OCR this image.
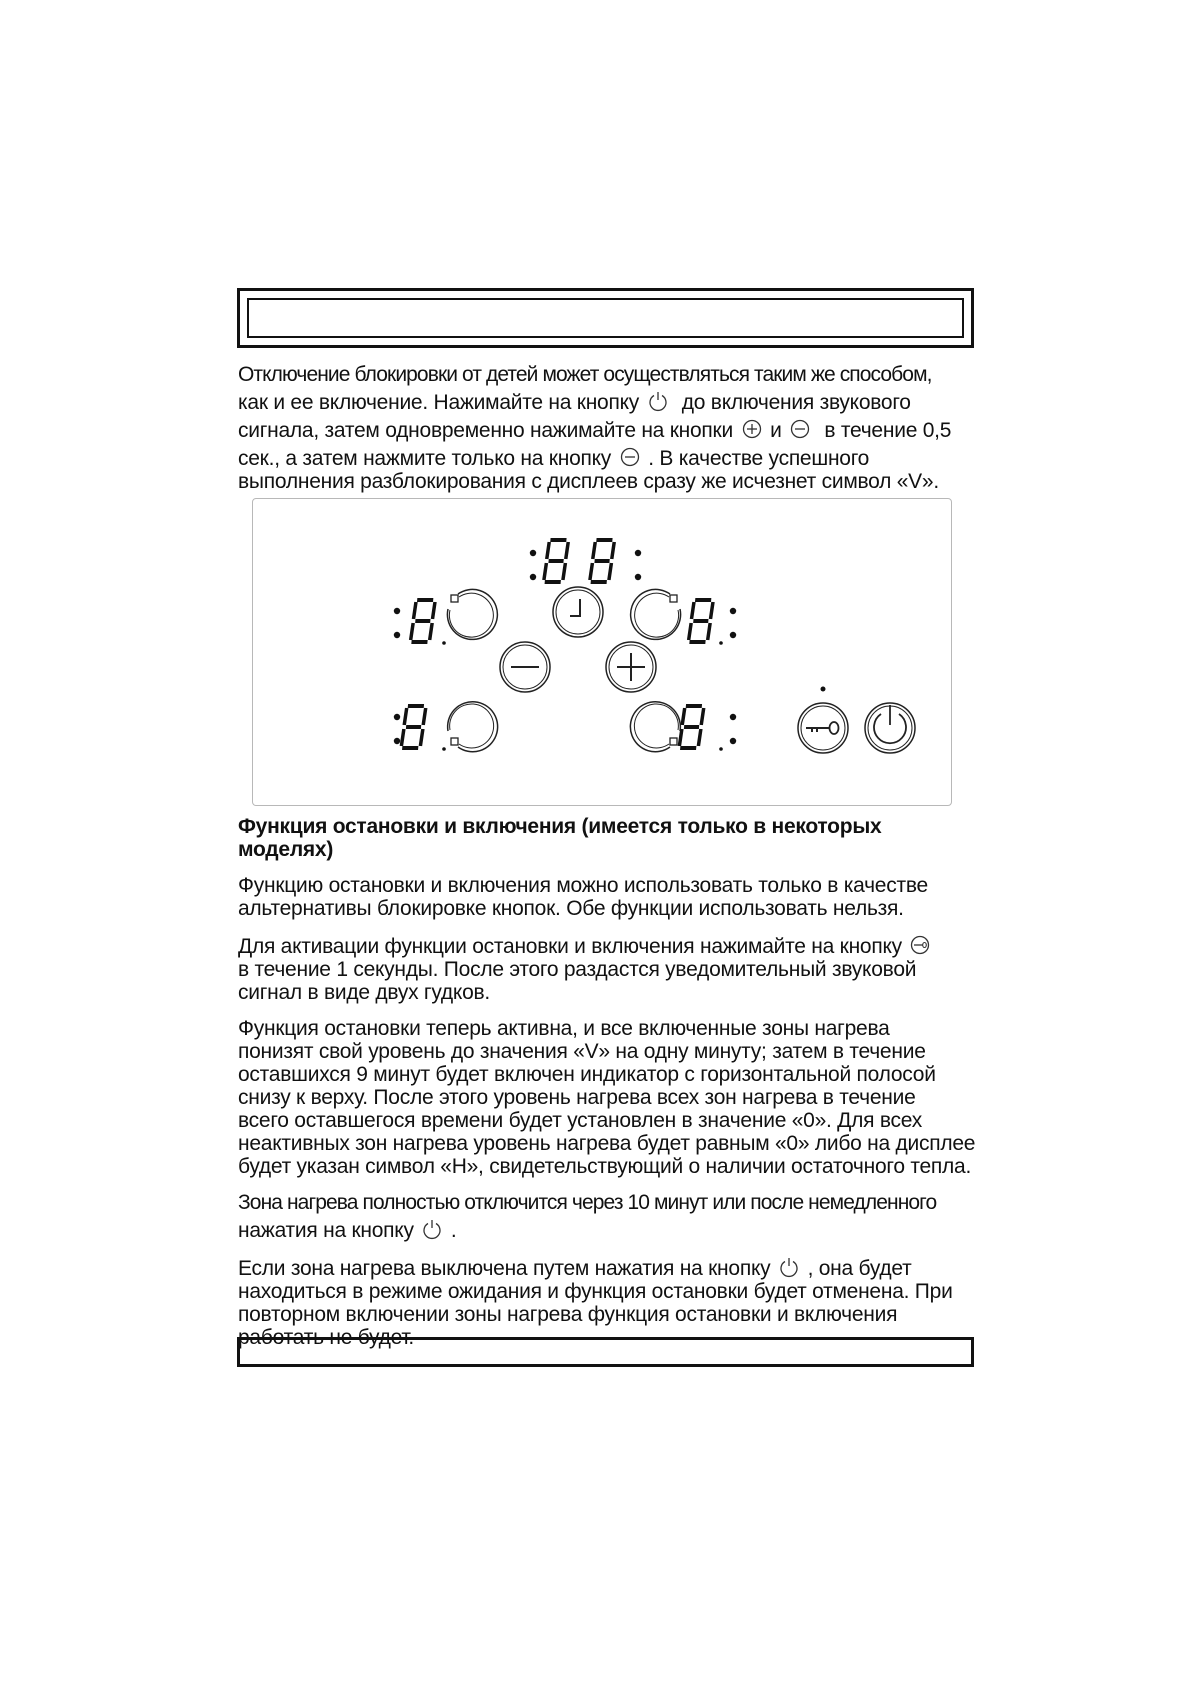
Отключение блокировки от детей может осуществляться таким же способом,

как и ее включение. Нажимайте на кнопку до включения звукового

сигнала, затем одновременно нажимайте на кнопки и в течение 0,5

сек., а затем нажмите только на кнопку . В качестве успешного

выполнения разблокирования с дисплеев сразу же исчезнет символ «V».

88
8

Функция остановки и включения (имеется только в некоторых

моделях)

Функцию остановки и включения можно использовать только в качестве

альтернативы блокировке кнопок. Обе функции использовать нельзя.

Для активации функции остановки и включения нажимайте на кнопку

в течение 1 секунды. После этого раздастся уведомительный звуковой

сигнал в виде двух гудков.

Функция остановки теперь активна, и все включенные зоны нагрева

понизят свой уровень до значения «V» на одну минуту; затем в течение

оставшихся 9 минут будет включен индикатор с горизонтальной полосой

снизу к верху. После этого уровень нагрева всех зон нагрева в течение

всего оставшегося времени будет установлен в значение «0». Для всех

неактивных зон нагрева уровень нагрева будет равным «0» либо на дисплее

будет указан символ «H», свидетельствующий о наличии остаточного тепла.

Зона нагрева полностью отключится через 10 минут или после немедленного

нажатия на кнопку .

Если зона нагрева выключена путем нажатия на кнопку , она будет

находиться в режиме ожидания и функция остановки будет отменена. При

повторном включении зоны нагрева функция остановки и включения

работать не будет.
